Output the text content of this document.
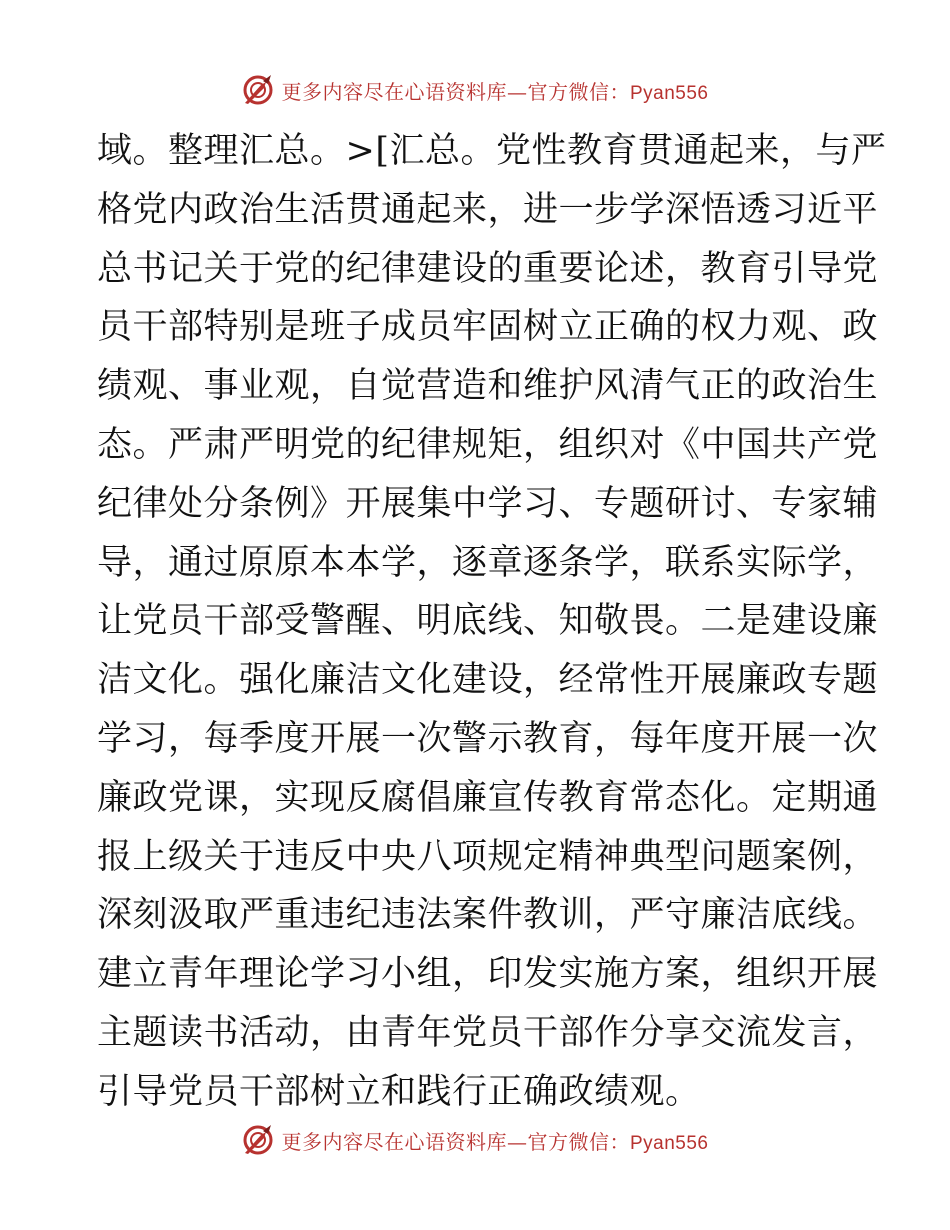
更多内容尽在心语资料库—官方微信：Pyan556
域。整理汇总。>[汇总。党性教育贯通起来，与严
格党内政治生活贯通起来，进一步学深悟透习近平
总书记关于党的纪律建设的重要论述，教育引导党
员干部特别是班子成员牢固树立正确的权力观、政
绩观、事业观，自觉营造和维护风清气正的政治生
态。严肃严明党的纪律规矩，组织对《中国共产党
纪律处分条例》开展集中学习、专题研讨、专家辅
导，通过原原本本学，逐章逐条学，联系实际学，
让党员干部受警醒、明底线、知敬畏。二是建设廉
洁文化。强化廉洁文化建设，经常性开展廉政专题
学习，每季度开展一次警示教育，每年度开展一次
廉政党课，实现反腐倡廉宣传教育常态化。定期通
报上级关于违反中央八项规定精神典型问题案例，
深刻汲取严重违纪违法案件教训，严守廉洁底线。
建立青年理论学习小组，印发实施方案，组织开展
主题读书活动，由青年党员干部作分享交流发言，
引导党员干部树立和践行正确政绩观。
更多内容尽在心语资料库—官方微信：Pyan556
